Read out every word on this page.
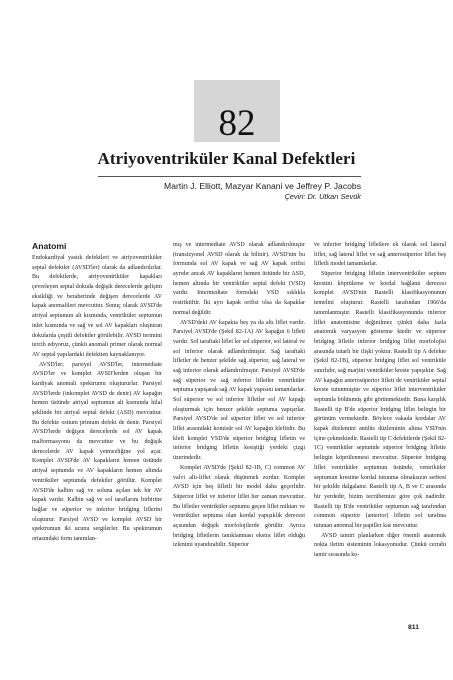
82
Atriyoventriküler Kanal Defektleri
Martin J. Elliott, Mazyar Kanani ve Jeffrey P. Jacobs
Çeviri: Dr. Utkan Sevük
Anatomi

Endokardiyal yastık defektleri ve atriyoventriküler septal defektler (AVSD'ler) olarak da adlandırılırlar. Bu defektlerde, atriyoventriküler kapakları çevreleyen septal dokuda değişik derecelerde gelişim eksikliği ve beraberinde değişen derecelerde AV kapak anomalileri mevcuttur. Sonuç olarak AVSD'de atriyal septumun alt kısmında, ventriküler septumun inlet kısmında ve sağ ve sol AV kapakları oluşturan dokularda çeşitli defektler görülebilir. AVSD terimini tercih ediyoruz, çünkü anomali primer olarak normal AV septal yapılardaki defektten kaynaklanıyor.

AVSD'ler; parsiyel AVSD'ler, intermediate AVSD'ler ve komplet AVSD'lerden oluşan bir kardiyak anomali spektrumu oluştururlar. Parsiyel AVSD'lerde (inkomplet AVSD de denir) AV kapağın hemen üstünde atriyal septumun alt kısmında hilal şeklinde bir atriyal septal defekt (ASD) mevcuttur. Bu defekte ostium primum defekt de denir. Parsiyel AVSD'lerde değişen derecelerde sol AV kapak malformasyonu da mevcuttur ve bu değişik derecelerde AV kapak yetmezliğine yol açar. Komplet AVSD'de AV kapakların hemen üstünde atriyal septumda ve AV kapakların hemen altında ventriküler septumda defektler görülür. Komplet AVSD'de kalbin sağ ve soluna açılan tek bir AV kapak vardır. Kalbin sağ ve sol taraflarını birbirine bağlar ve süperior ve inferior bridging liflerini oluşturur. Parsiyel AVSD ve komplet AVSD bir spektrumun iki ucunu sergilerler. Bu spektrumun ortasındaki form tanımlan-

mış ve intermediate AVSD olarak adlandırılmıştır (transizyonel AVSD olarak da bilinir). AVSD'nin bu formunda sol AV kapak ve sağ AV kapak orifisi ayrıdır ancak AV kapakların hemen üstünde bir ASD, hemen altında bir ventriküler septal defekt (VSD) vardır. Intermediate formdaki VSD sıklıkla restriktiftir. İki ayrı kapak orifisi olsa da kapaklar normal değildir.

AVSD'deki AV kapakta beş ya da altı liflet vardır. Parsiyel AVSD'de (Şekil 82-1A) AV kapağın 6 lifleti vardır. Sol taraftaki liflet ler sol süperior, sol lateral ve sol inferior olarak adlandırılmıştır. Sağ taraftaki lifletler de benzer şekilde sağ süperior, sağ lateral ve sağ inferior olarak adlandırılmıştır. Parsiyel AVSD'de sağ süperior ve sağ inferior lifletler ventriküler septuma yapışarak sağ AV kapak yapısını tamamlarlar. Sol süperior ve sol inferior lifletler sol AV kapağı oluşturmak için benzer şekilde septuma yapışırlar. Parsiyel AVSD'de sol süperior liflet ve sol inferior liflet arasındaki komisür sol AV kapağın kleftidir. Bu kleft komplet VSD'de süperior bridging lifletin ve inferior bridging lifletin kesiştiği yerdeki çizgi üzerindedir.

Komplet AVSD'de (Şekil 82-1B, C) common AV valvi altı-liflet olarak düşünmek zordur. Komplet AVSD için beş lifletli bir model daha geçerlidir. Süperior liflet ve inferior liflet her zaman mevcuttur. Bu lifletler ventriküler septumu geçen liflet miktarı ve ventriküler septuma olan kordal yapışıklık derecesi açısından değişik morfolojilerde görülür. Ayrıca bridging lifletlerin tanıklanması ekstra liflet olduğu izlenimi uyandırabilir. Süperior

ve inferior bridging lifletlere ek olarak sol lateral liflet, sağ lateral liflet ve sağ anterosüperior liflet beş lifletli model tamamlarlar.

Süperior bridging lifletin interventriküler septum krestini köprüleme ve kordal bağlantı derecesi komplet AVSD'nin Rastelli klasifikasyonunun temelini oluşturur. Rastelli tarafından 1966'da tanımlanmıştır. Rastelli klasifikasyonunda inferior liflet anatomisine değinilmez çünkü daha fazla anatomik varyasyon gösterme ktedir ve süperior bridging lifletle inferior bridging liflet morfolojisi arasında tutarlı bir ilişki yoktur. Rastelli tip A defekte (Şekil 82-1B), süperior bridging liflet sol ventriküle sınırlıdır, sağ marjini ventriküler kreste yapışıktır. Sağ AV kapağın anterosüperior lifleti de ventriküler septal kreste tutunmuştur ve süperior liflet interventriküler septumla bölünmüş gibi görünmektedir. Buna karşılık Rastelli tip B'de süperior bridging liflet belirgin bir görünüm vermektedir. Böylece vakada kordalar AV kapak düzlemini anülüs düzleminin altına VSD'nin içine çekmektedir. Rastelli tip C defektlerde (Şekil 82-1C) ventriküler septumde süperior bridging liflette belirgin köprülenmesi mevcuttur. Süperior bridging liflet ventriküler septumun üstünde, ventriküler septumun krestine kordal tutunma olmaksızın serbest bir şekilde dalgalanır. Rastelli tip A, B ve C arasında bir yerdedir, bizim tecrübemize göre çok nadirdir. Rastelli tip B'de ventriküler septumun sağ tarafından common süperior (anterior) lifletin sol tarafına tutunan anormal bir papiller kas mevcuttur.

AVSD tamiri planlarken diğer önemli anatomik nokta iletim sisteminin lokasyonudur. Çünkü cerrahi tamir sırasında ko-

811
